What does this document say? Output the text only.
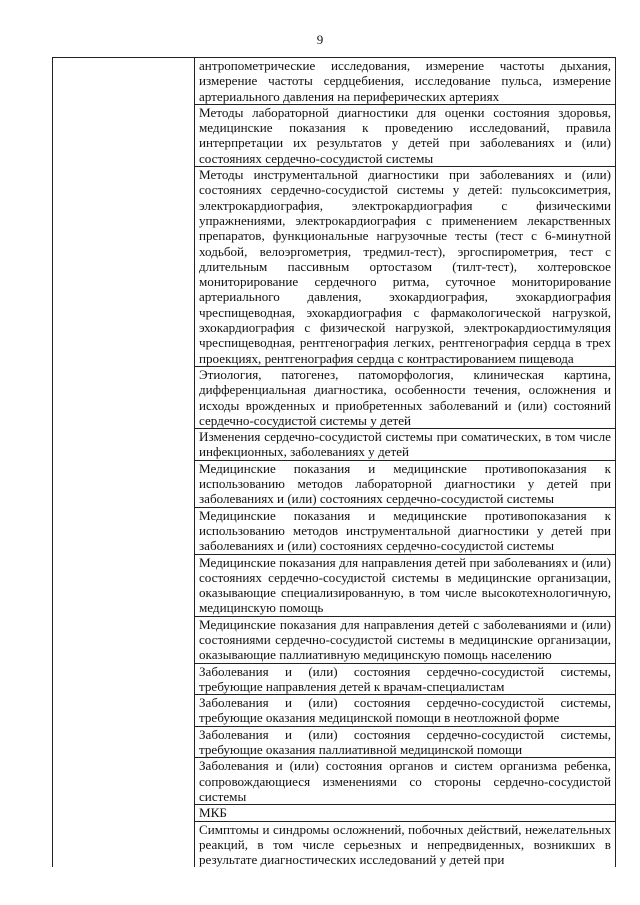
9

антропометрические исследования, измерение частоты дыхания, измерение частоты сердцебиения, исследование пульса, измерение артериального давления на периферических артериях

Методы лабораторной диагностики для оценки состояния здоровья, медицинские показания к проведению исследований, правила интерпретации их результатов у детей при заболеваниях и (или) состояниях сердечно-сосудистой системы

Методы инструментальной диагностики при заболеваниях и (или) состояниях сердечно-сосудистой системы у детей: пульсоксиметрия, электрокардиография, электрокардиография с физическими упражнениями, электрокардиография с применением лекарственных препаратов, функциональные нагрузочные тесты (тест с 6-минутной ходьбой, велоэргометрия, тредмил-тест), эргоспирометрия, тест с длительным пассивным ортостазом (тилт-тест), холтеровское мониторирование сердечного ритма, суточное мониторирование артериального давления, эхокардиография, эхокардиография чреспищеводная, эхокардиография с фармакологической нагрузкой, эхокардиография с физической нагрузкой, электрокардиостимуляция чреспищеводная, рентгенография легких, рентгенография сердца в трех проекциях, рентгенография сердца с контрастированием пищевода

Этиология, патогенез, патоморфология, клиническая картина, дифференциальная диагностика, особенности течения, осложнения и исходы врожденных и приобретенных заболеваний и (или) состояний сердечно-сосудистой системы у детей

Изменения сердечно-сосудистой системы при соматических, в том числе инфекционных, заболеваниях у детей

Медицинские показания и медицинские противопоказания к использованию методов лабораторной диагностики у детей при заболеваниях и (или) состояниях сердечно-сосудистой системы

Медицинские показания и медицинские противопоказания к использованию методов инструментальной диагностики у детей при заболеваниях и (или) состояниях сердечно-сосудистой системы

Медицинские показания для направления детей при заболеваниях и (или) состояниях сердечно-сосудистой системы в медицинские организации, оказывающие специализированную, в том числе высокотехнологичную, медицинскую помощь

Медицинские показания для направления детей с заболеваниями и (или) состояниями сердечно-сосудистой системы в медицинские организации, оказывающие паллиативную медицинскую помощь населению

Заболевания и (или) состояния сердечно-сосудистой системы, требующие направления детей к врачам-специалистам

Заболевания и (или) состояния сердечно-сосудистой системы, требующие оказания медицинской помощи в неотложной форме

Заболевания и (или) состояния сердечно-сосудистой системы, требующие оказания паллиативной медицинской помощи

Заболевания и (или) состояния органов и систем организма ребенка, сопровождающиеся изменениями со стороны сердечно-сосудистой системы

МКБ

Симптомы и синдромы осложнений, побочных действий, нежелательных реакций, в том числе серьезных и непредвиденных, возникших в результате диагностических исследований у детей при
